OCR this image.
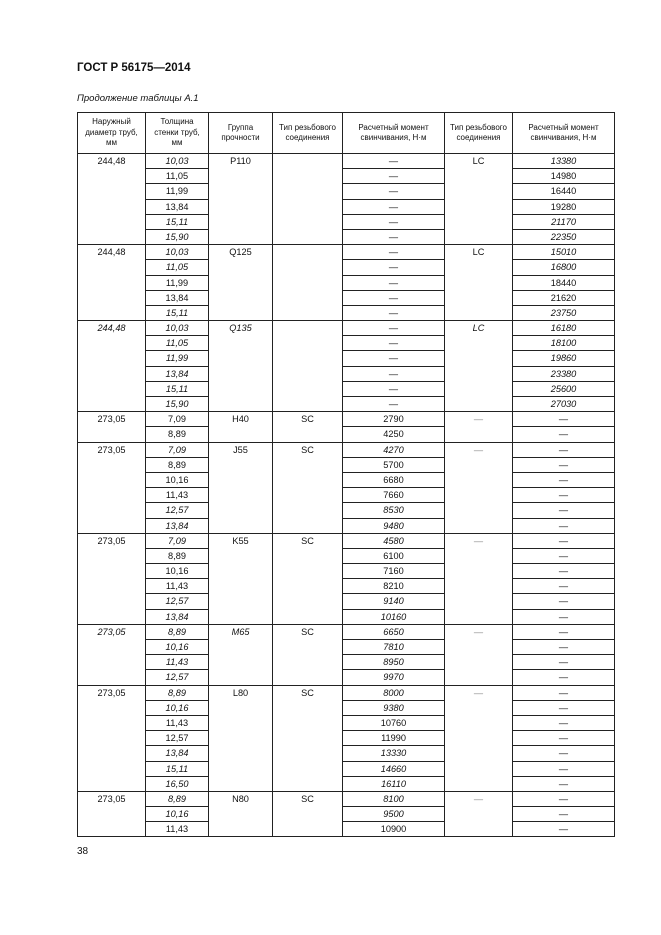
ГОСТ Р 56175—2014
Продолжение таблицы А.1
Наружный диаметр труб, мм	Толщина стенки труб, мм	Группа прочности	Тип резьбового соединения	Расчетный момент свинчивания, Н·м	Тип резьбового соединения	Расчетный момент свинчивания, Н·м
244,48	10,03	P110		—	LC	13380
	11,05			—		14980
	11,99			—		16440
	13,84			—		19280
	15,11			—		21170
	15,90			—		22350
244,48	10,03	Q125		—	LC	15010
	11,05			—		16800
	11,99			—		18440
	13,84			—		21620
	15,11			—		23750
244,48	10,03	Q135		—	LC	16180
	11,05			—		18100
	11,99			—		19860
	13,84			—		23380
	15,11			—		25600
	15,90			—		27030
273,05	7,09	H40	SC	2790	—	—
	8,89			4250		—
273,05	7,09	J55	SC	4270	—	—
	8,89			5700		—
	10,16			6680		—
	11,43			7660		—
	12,57			8530		—
	13,84			9480		—
273,05	7,09	K55	SC	4580	—	—
	8,89			6100		—
	10,16			7160		—
	11,43			8210		—
	12,57			9140		—
	13,84			10160		—
273,05	8,89	M65	SC	6650	—	—
	10,16			7810		—
	11,43			8950		—
	12,57			9970		—
273,05	8,89	L80	SC	8000	—	—
	10,16			9380		—
	11,43			10760		—
	12,57			11990		—
	13,84			13330		—
	15,11			14660		—
	16,50			16110		—
273,05	8,89	N80	SC	8100	—	—
	10,16			9500		—
	11,43			10900		—
38
